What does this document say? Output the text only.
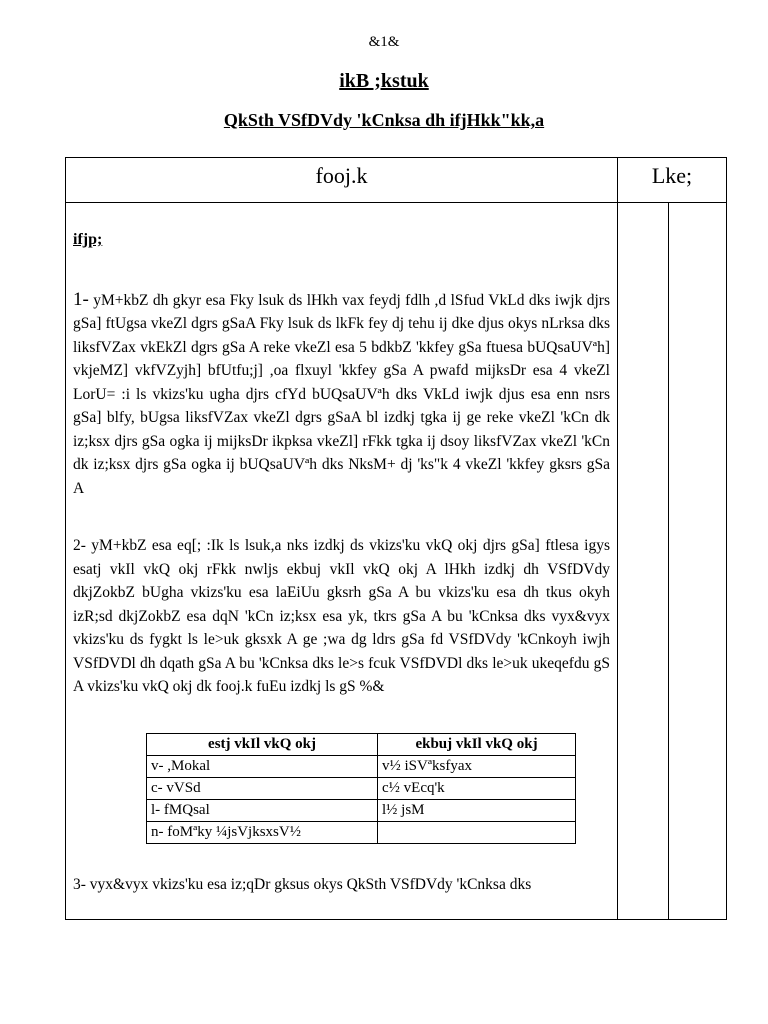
&1&
ikB ;kstuk
QkSth VSfDVdy 'kCnksa dh ifjHkk"kk,a
fooj.k	Lke;
ifjp;

1- yM+kbZ dh gkyr esa Fky lsuk ds lHkh vax feydj fdlh ,d lSfud VkLd dks iwjk djrs gSa] ftUgsa vkeZl dgrs gSaA Fky lsuk ds lkFk fey dj tehu ij dke djus okys nLrksa dks liksfVZax vkEkZl dgrs gSa A reke vkeZl esa 5 bdkbZ 'kkfey gSa ftuesa bUQsaUVªh] vkjeMZ] vkfVZyjh] bfUtfu;j] ,oa flxuyl 'kkfey gSa A pwafd mijksDr esa 4 vkeZl LorU= :i ls vkizs'ku ugha djrs cfYd bUQsaUVªh dks VkLd iwjk djus esa enn nsrs gSa] blfy, bUgsa liksfVZax vkeZl dgrs gSaA bl izdkj tgka ij ge reke vkeZl 'kCn dk iz;ksx djrs gSa ogka ij mijksDr ikpksa vkeZl] rFkk tgka ij dsoy liksfVZax vkeZl 'kCn dk iz;ksx djrs gSa ogka ij bUQsaUVªh dks NksM+ dj 'ks"k 4 vkeZl 'kkfey gksrs gSa A

2- yM+kbZ esa eq[; :Ik ls lsuk,a nks izdkj ds vkizs'ku vkQ okj djrs gSa] ftlesa igys esatj vkIl vkQ okj rFkk nwljs ekbuj vkIl vkQ okj A lHkh izdkj dh VSfDVdy dkjZokbZ bUgha vkizs'ku esa laEiUu gksrh gSa A bu vkizs'ku esa dh tkus okyh izR;sd dkjZokbZ esa dqN 'kCn iz;ksx esa yk, tkrs gSa A bu 'kCnksa dks vyx&vyx vkizs'ku ds fygkt ls le>uk gksxk A ge ;wa dg ldrs gSa fd VSfDVdy 'kCnkoyh iwjh VSfDVDl dh dqath gSa A bu 'kCnksa dks le>s fcuk VSfDVDl dks le>uk ukeqefdu gS A vkizs'ku vkQ okj dk fooj.k fuEu izdkj ls gS %&

estj vkIl vkQ okj	ekbuj vkIl vkQ okj
v- ,Mokal	v½ iSVªksfyax
c- vVSd	c½ vEcq'k
l- fMQsal	l½ jsM
n- foMªky ¼jsVjksxsV½	

3- vyx&vyx vkizs'ku esa iz;qDr gksus okys QkSth VSfDVdy 'kCnksa dks
